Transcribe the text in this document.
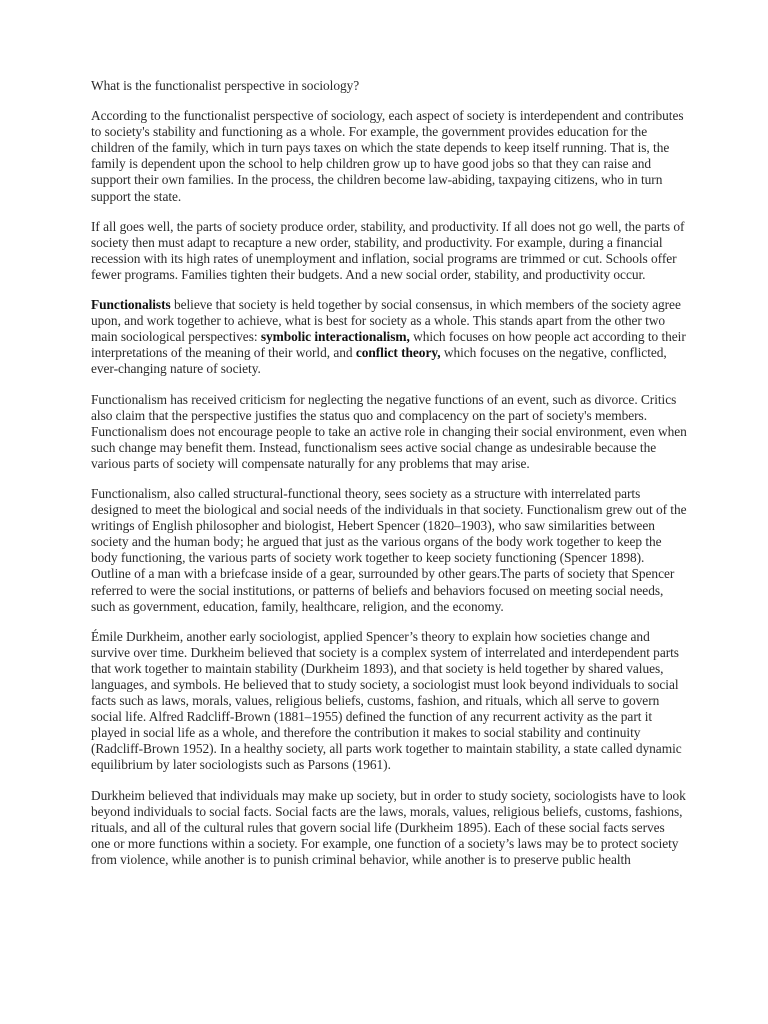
What is the functionalist perspective in sociology?

According to the functionalist perspective of sociology, each aspect of society is interdependent and contributes to society's stability and functioning as a whole. For example, the government provides education for the children of the family, which in turn pays taxes on which the state depends to keep itself running. That is, the family is dependent upon the school to help children grow up to have good jobs so that they can raise and support their own families. In the process, the children become law-abiding, taxpaying citizens, who in turn support the state.

If all goes well, the parts of society produce order, stability, and productivity. If all does not go well, the parts of society then must adapt to recapture a new order, stability, and productivity. For example, during a financial recession with its high rates of unemployment and inflation, social programs are trimmed or cut. Schools offer fewer programs. Families tighten their budgets. And a new social order, stability, and productivity occur.

Functionalists believe that society is held together by social consensus, in which members of the society agree upon, and work together to achieve, what is best for society as a whole. This stands apart from the other two main sociological perspectives: symbolic interactionalism, which focuses on how people act according to their interpretations of the meaning of their world, and conflict theory, which focuses on the negative, conflicted, ever-changing nature of society.

Functionalism has received criticism for neglecting the negative functions of an event, such as divorce. Critics also claim that the perspective justifies the status quo and complacency on the part of society's members. Functionalism does not encourage people to take an active role in changing their social environment, even when such change may benefit them. Instead, functionalism sees active social change as undesirable because the various parts of society will compensate naturally for any problems that may arise.

Functionalism, also called structural-functional theory, sees society as a structure with interrelated parts designed to meet the biological and social needs of the individuals in that society. Functionalism grew out of the writings of English philosopher and biologist, Hebert Spencer (1820–1903), who saw similarities between society and the human body; he argued that just as the various organs of the body work together to keep the body functioning, the various parts of society work together to keep society functioning (Spencer 1898). Outline of a man with a briefcase inside of a gear, surrounded by other gears.The parts of society that Spencer referred to were the social institutions, or patterns of beliefs and behaviors focused on meeting social needs, such as government, education, family, healthcare, religion, and the economy.

Émile Durkheim, another early sociologist, applied Spencer’s theory to explain how societies change and survive over time. Durkheim believed that society is a complex system of interrelated and interdependent parts that work together to maintain stability (Durkheim 1893), and that society is held together by shared values, languages, and symbols. He believed that to study society, a sociologist must look beyond individuals to social facts such as laws, morals, values, religious beliefs, customs, fashion, and rituals, which all serve to govern social life. Alfred Radcliff-Brown (1881–1955) defined the function of any recurrent activity as the part it played in social life as a whole, and therefore the contribution it makes to social stability and continuity (Radcliff-Brown 1952). In a healthy society, all parts work together to maintain stability, a state called dynamic equilibrium by later sociologists such as Parsons (1961).

Durkheim believed that individuals may make up society, but in order to study society, sociologists have to look beyond individuals to social facts. Social facts are the laws, morals, values, religious beliefs, customs, fashions, rituals, and all of the cultural rules that govern social life (Durkheim 1895). Each of these social facts serves one or more functions within a society. For example, one function of a society’s laws may be to protect society from violence, while another is to punish criminal behavior, while another is to preserve public health
